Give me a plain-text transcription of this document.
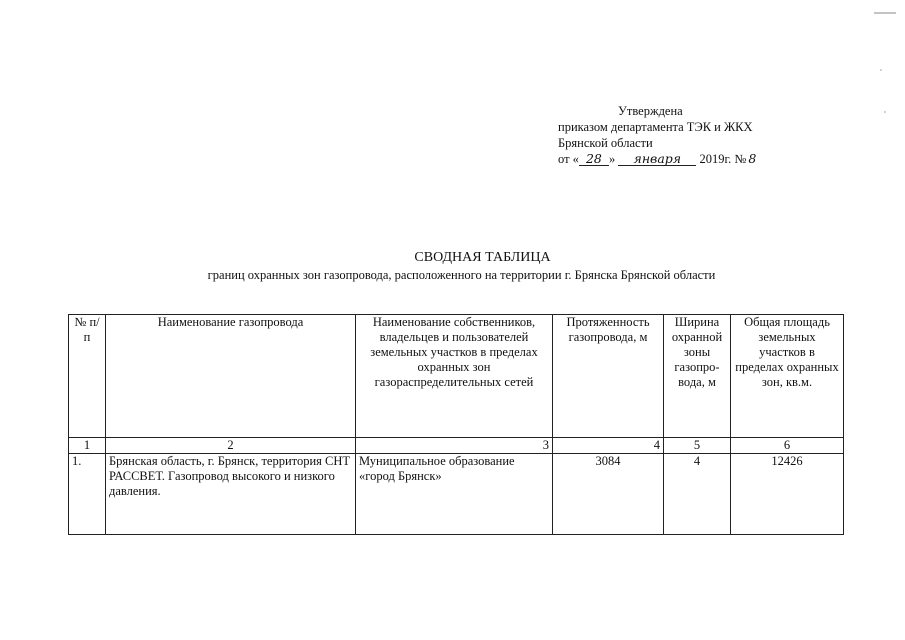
Утверждена
приказом департамента ТЭК и ЖКХ
Брянской области
от « 28 » января 2019г. № 8
СВОДНАЯ ТАБЛИЦА
границ охранных зон газопровода, расположенного на территории г. Брянска Брянской области
№ п/п	Наименование газопровода	Наименование собственников, владельцев и пользователей земельных участков в пределах охранных зон газораспределительных сетей	Протяженность газопровода, м	Ширина охранной зоны газопро-вода, м	Общая площадь земельных участков в пределах охранных зон, кв.м.
1	2	3	4	5	6
1.	Брянская область, г. Брянск, территория СНТ РАССВЕТ. Газопровод высокого и низкого давления.	Муниципальное образование «город Брянск»	3084	4	12426
